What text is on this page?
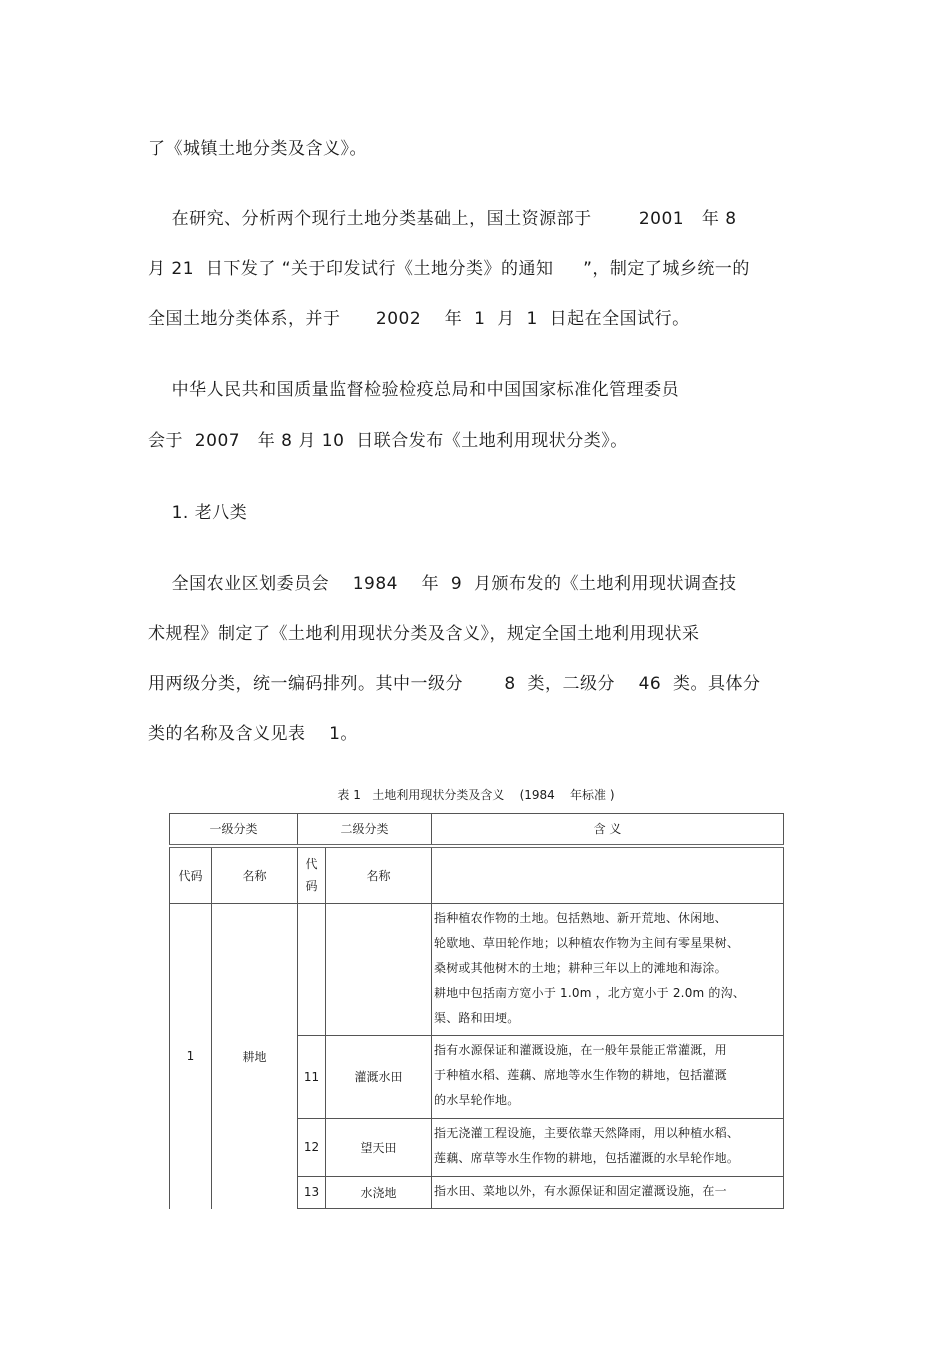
了《城镇土地分类及含义》。
在研究、分析两个现行土地分类基础上，国土资源部于        2001   年 8
月 21  日下发了 “关于印发试行《土地分类》的通知     ”，制定了城乡统一的
全国土地分类体系，并于      2002    年  1  月  1  日起在全国试行。
中华人民共和国质量监督检验检疫总局和中国国家标准化管理委员
会于  2007   年 8 月 10  日联合发布《土地利用现状分类》。
1. 老八类
全国农业区划委员会    1984    年  9  月颁布发的《土地利用现状调查技
术规程》制定了《土地利用现状分类及含义》，规定全国土地利用现状采
用两级分类，统一编码排列。其中一级分       8  类，二级分    46  类。具体分
类的名称及含义见表    1。
表 1   土地利用现状分类及含义    (1984    年标准 )
一级分类		二级分类		含 义
代码	名称	代
码	名称	
1	耕地			指种植农作物的土地。包括熟地、新开荒地、休闲地、
轮歇地、草田轮作地；以种植农作物为主间有零星果树、
桑树或其他树木的土地；耕种三年以上的滩地和海涂。
耕地中包括南方宽小于 1.0m ，北方宽小于 2.0m 的沟、
渠、路和田埂。
		11	灌溉水田	指有水源保证和灌溉设施，在一般年景能正常灌溉，用
于种植水稻、莲藕、席地等水生作物的耕地，包括灌溉
的水旱轮作地。
		12	望天田	指无浇灌工程设施，主要依靠天然降雨，用以种植水稻、
莲藕、席草等水生作物的耕地，包括灌溉的水旱轮作地。
		13	水浇地	指水田、菜地以外，有水源保证和固定灌溉设施，在一
